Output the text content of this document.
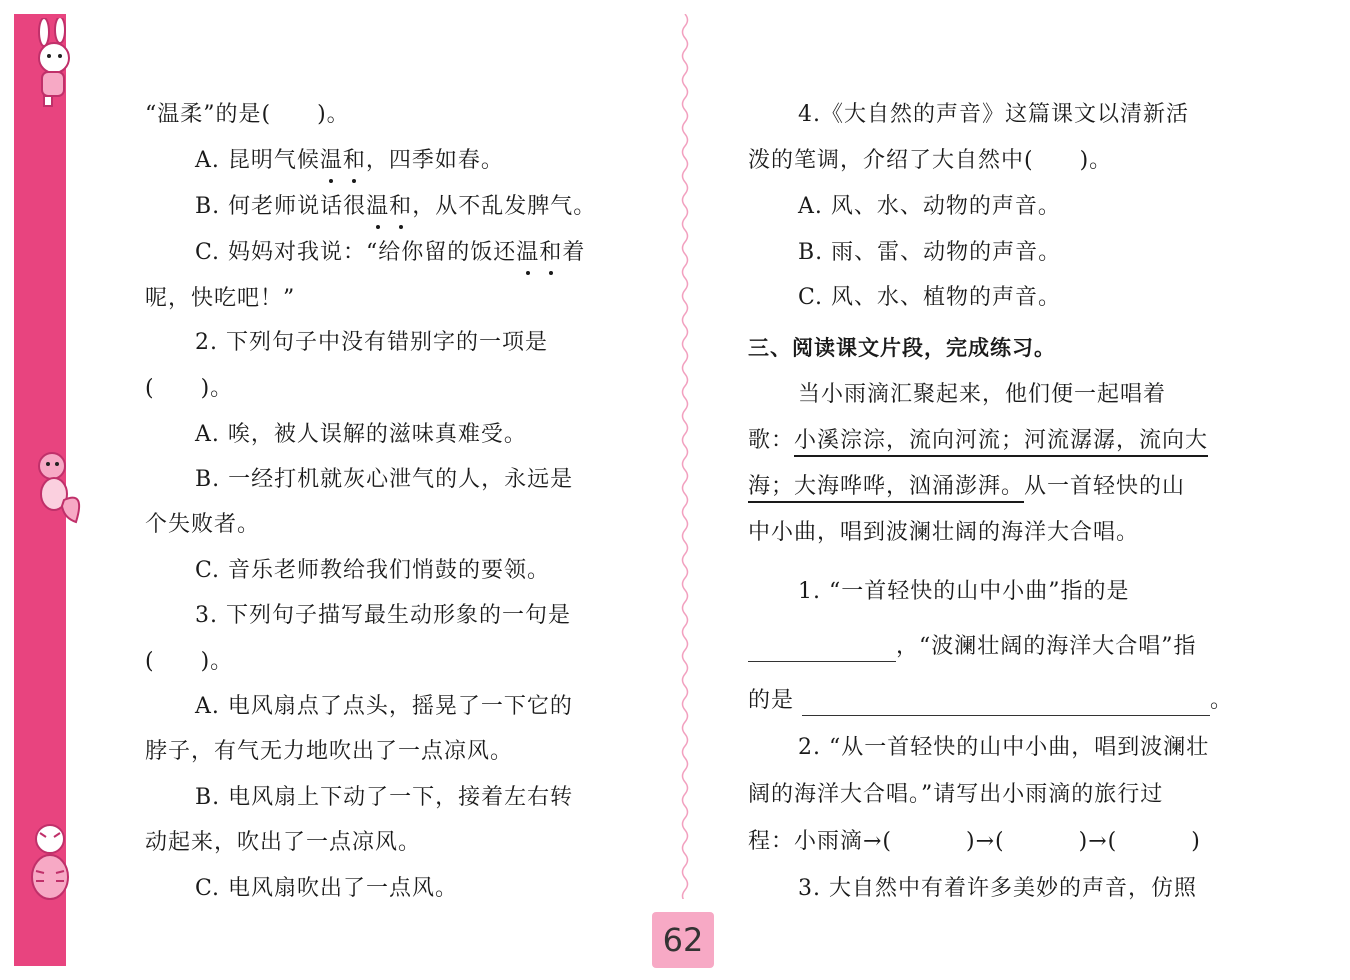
“温柔”的是(　　)。
A. 昆明气候温和，四季如春。
B. 何老师说话很温和，从不乱发脾气。
C. 妈妈对我说：“给你留的饭还温和着
呢，快吃吧！”
2. 下列句子中没有错别字的一项是
(　　)。
A. 唉，被人误解的滋味真难受。
B. 一经打机就灰心泄气的人，永远是
个失败者。
C. 音乐老师教给我们悄鼓的要领。
3. 下列句子描写最生动形象的一句是
(　　)。
A. 电风扇点了点头，摇晃了一下它的
脖子，有气无力地吹出了一点凉风。
B. 电风扇上下动了一下，接着左右转
动起来，吹出了一点凉风。
C. 电风扇吹出了一点风。
4.《大自然的声音》这篇课文以清新活
泼的笔调，介绍了大自然中(　　)。
A. 风、水、动物的声音。
B. 雨、雷、动物的声音。
C. 风、水、植物的声音。
三、阅读课文片段，完成练习。
当小雨滴汇聚起来，他们便一起唱着
歌：小溪淙淙，流向河流；河流潺潺，流向大
海；大海哗哗，汹涌澎湃。从一首轻快的山
中小曲，唱到波澜壮阔的海洋大合唱。
1. “一首轻快的山中小曲”指的是
，“波澜壮阔的海洋大合唱”指
的是	。
2. “从一首轻快的山中小曲，唱到波澜壮
阔的海洋大合唱。”请写出小雨滴的旅行过
程：小雨滴→(	)→(	)→(	)
3. 大自然中有着许多美妙的声音，仿照
62
